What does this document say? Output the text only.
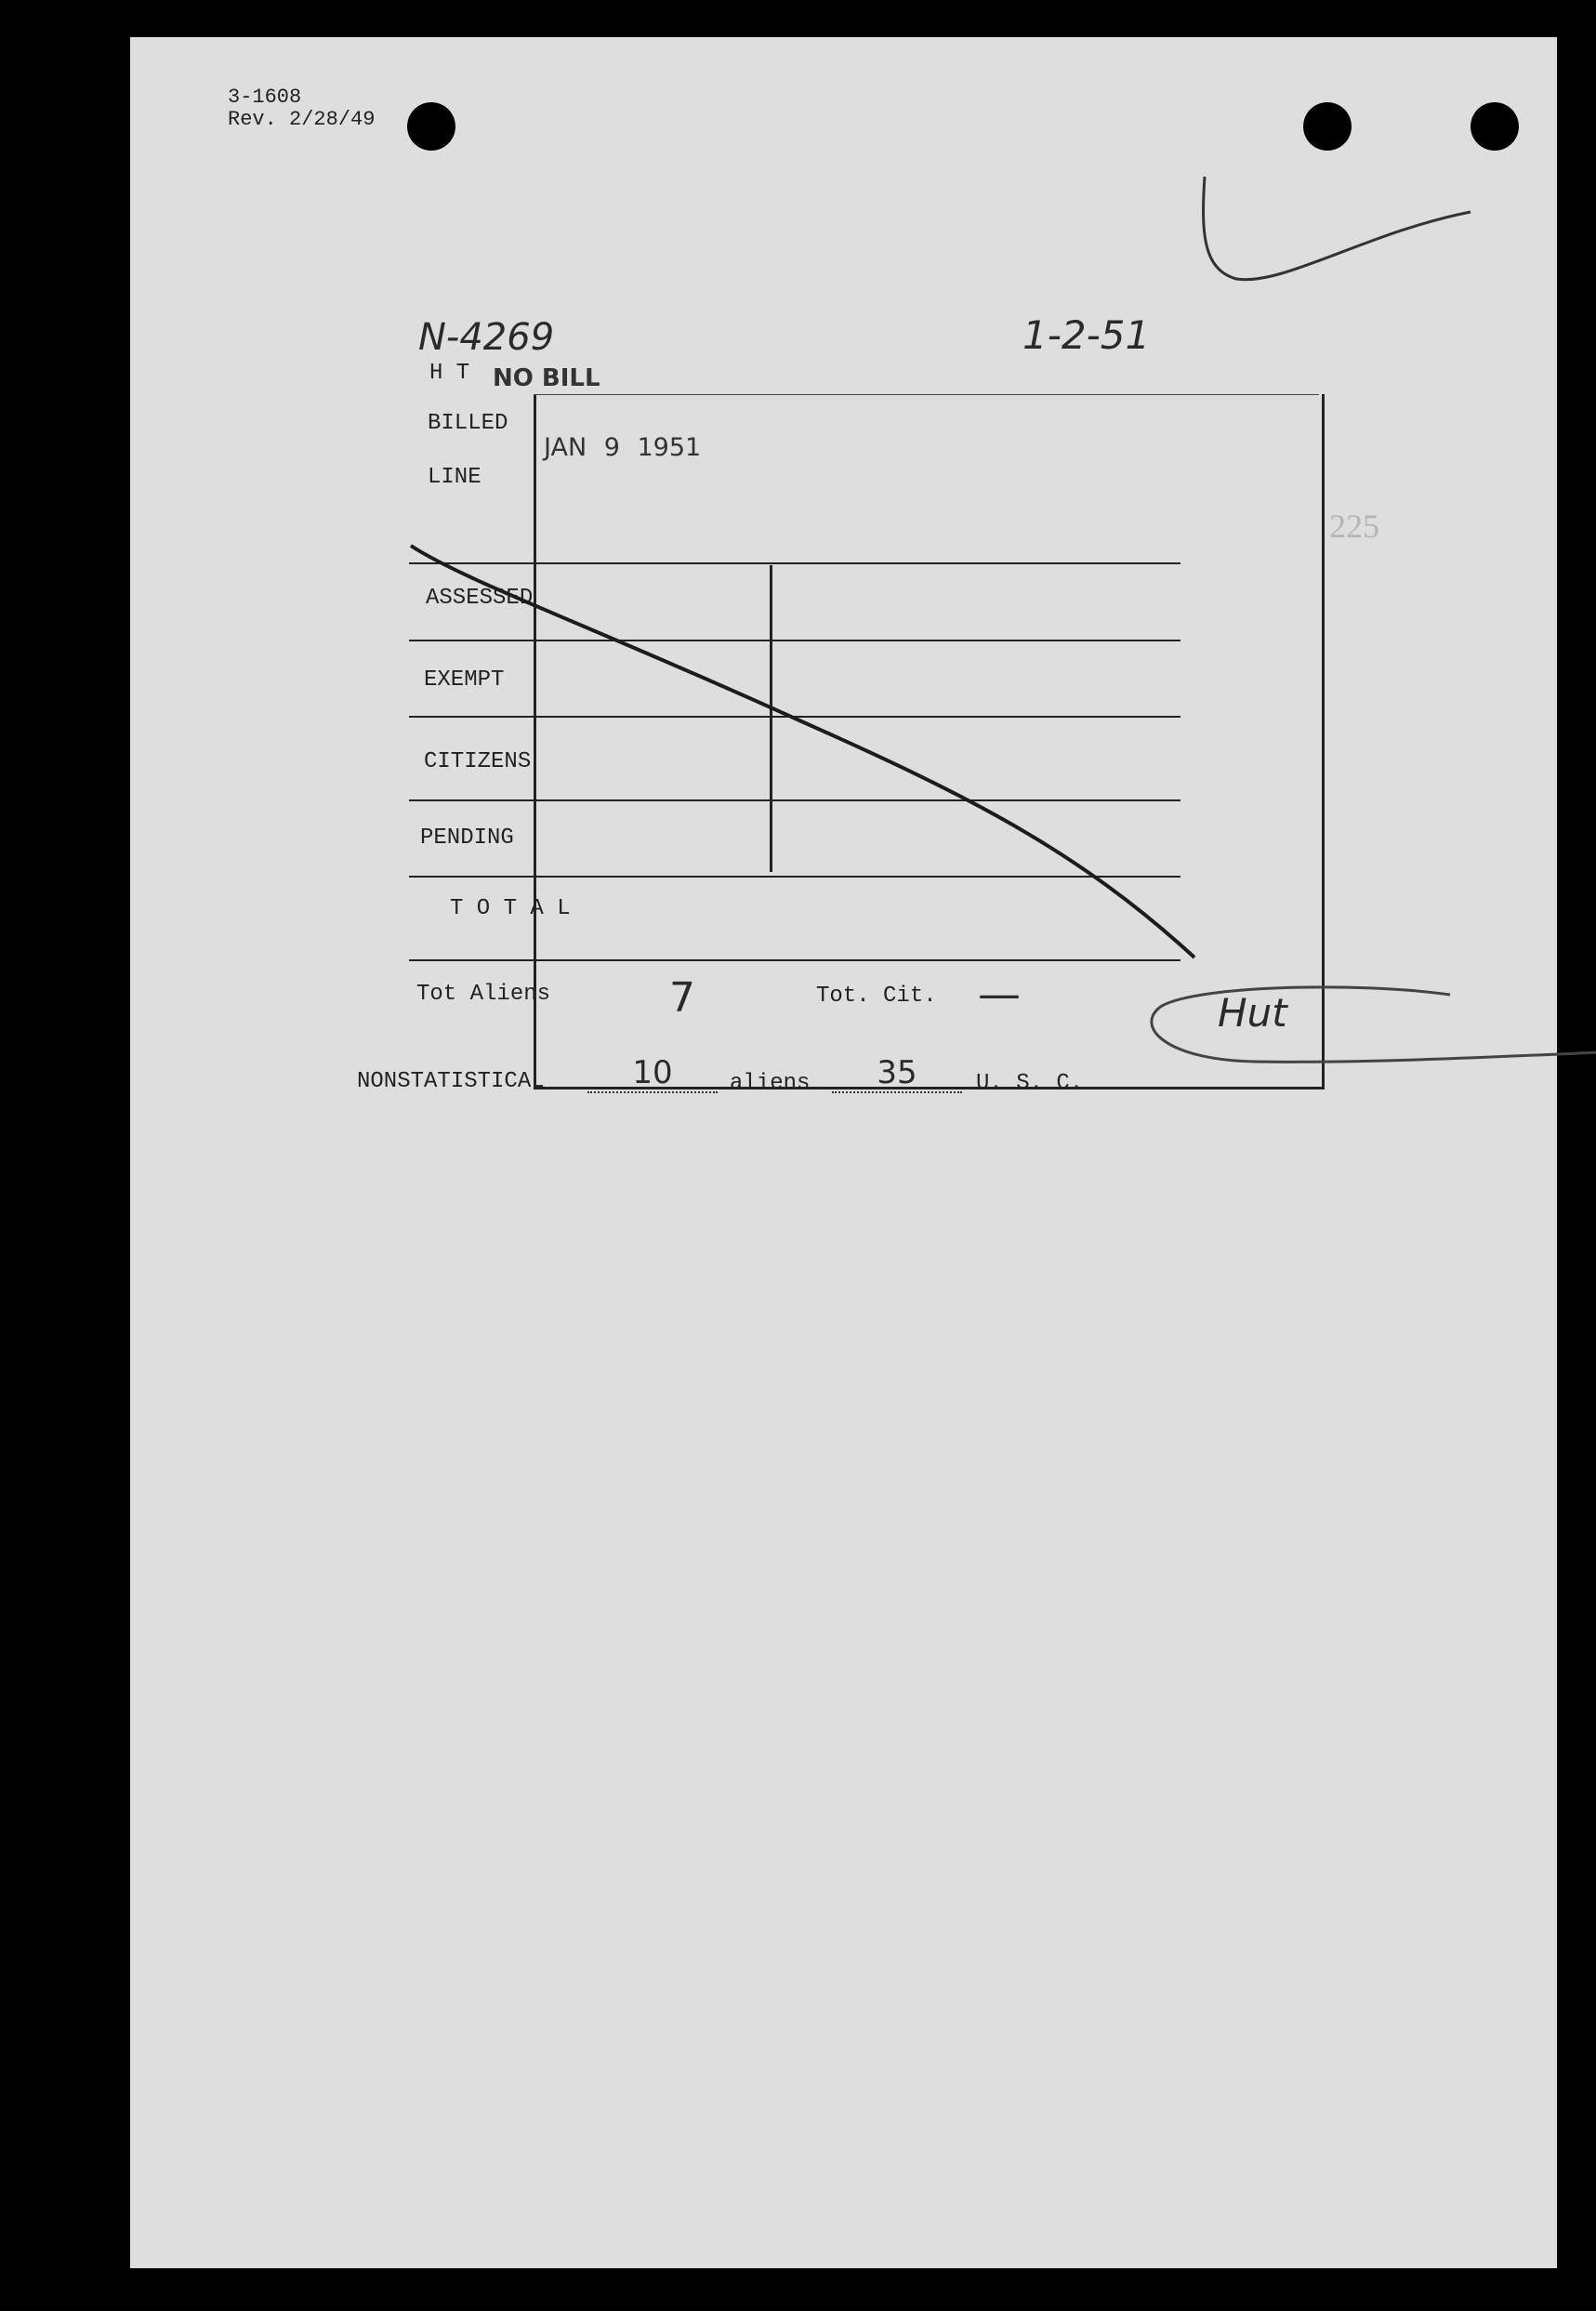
3-1608
Rev. 2/28/49
N-4269	1-2-51
225
H T NO BILL
BILLED
JAN 9 1951
LINE
ASSESSED
EXEMPT
CITIZENS
PENDING
T O T A L
Tot Aliens	7	Tot. Cit. —	Hut
NONSTATISTICAL	10	aliens	35	U. S. C.
